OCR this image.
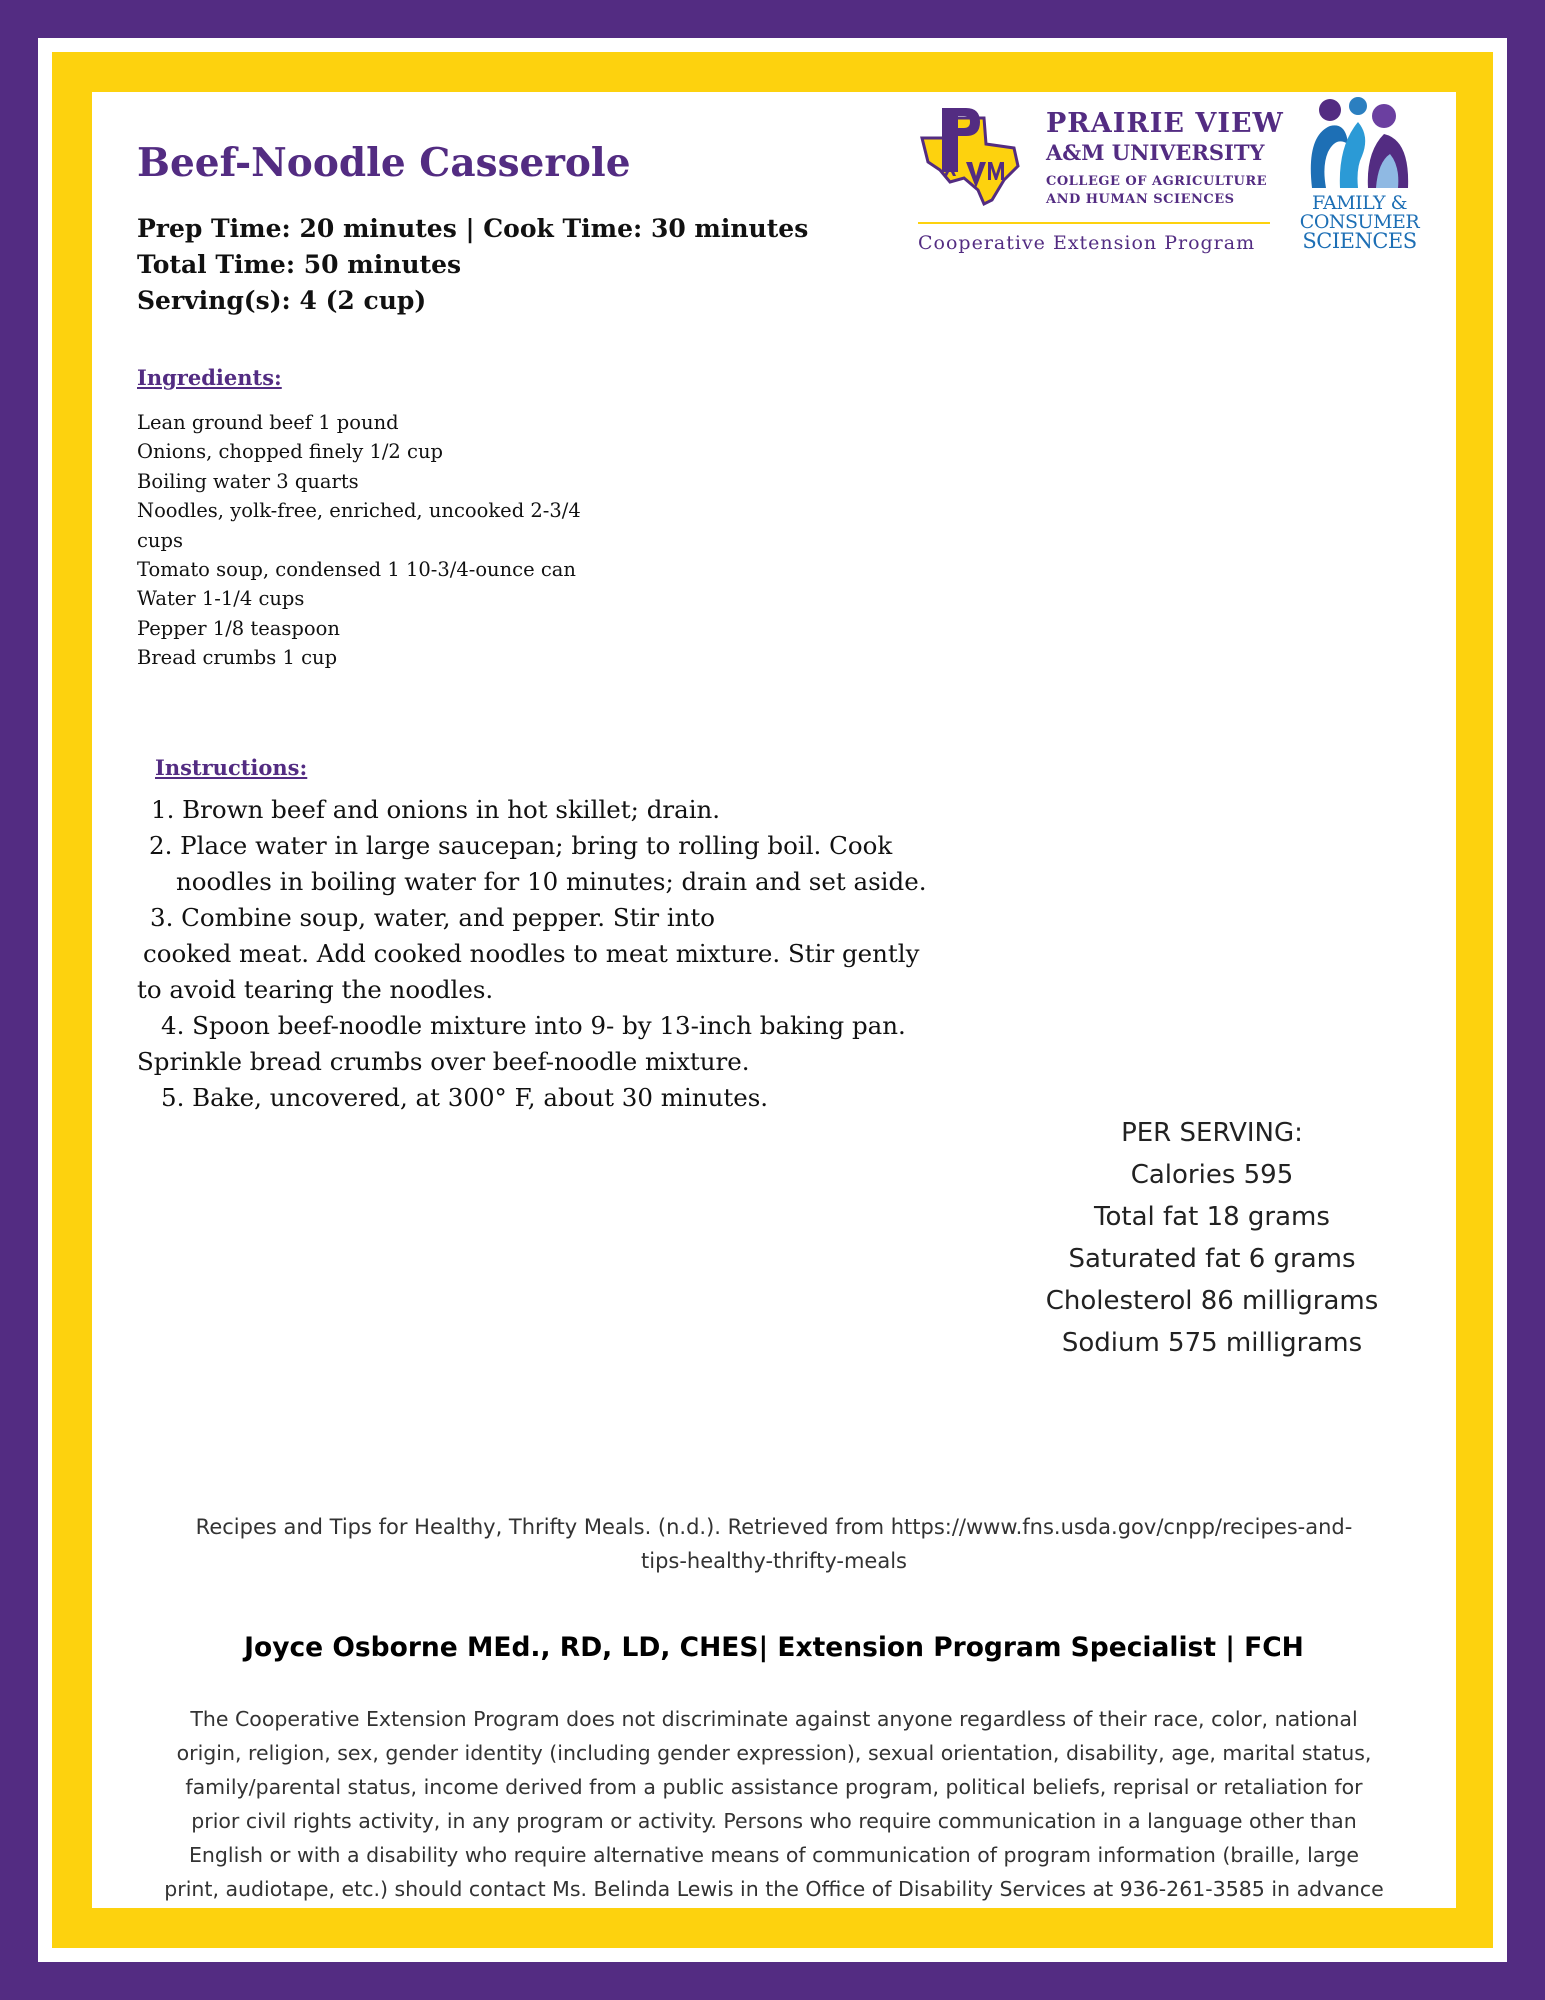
Beef-Noodle Casserole
Prep Time: 20 minutes | Cook Time: 30 minutes
Total Time: 50 minutes
Serving(s): 4 (2 cup)
Ingredients:
Lean ground beef 1 pound
Onions, chopped finely 1/2 cup
Boiling water 3 quarts
Noodles, yolk-free, enriched, uncooked 2-3/4
cups
Tomato soup, condensed 1 10-3/4-ounce can
Water 1-1/4 cups
Pepper 1/8 teaspoon
Bread crumbs 1 cup
Instructions:
1. Brown beef and onions in hot skillet; drain.
2. Place water in large saucepan; bring to rolling boil. Cook
noodles in boiling water for 10 minutes; drain and set aside.
3. Combine soup, water, and pepper. Stir into
cooked meat. Add cooked noodles to meat mixture. Stir gently
to avoid tearing the noodles.
4. Spoon beef-noodle mixture into 9- by 13-inch baking pan.
Sprinkle bread crumbs over beef-noodle mixture.
5. Bake, uncovered, at 300° F, about 30 minutes.
PER SERVING:
Calories 595
Total fat 18 grams
Saturated fat 6 grams
Cholesterol 86 milligrams
Sodium 575 milligrams
Recipes and Tips for Healthy, Thrifty Meals. (n.d.). Retrieved from https://www.fns.usda.gov/cnpp/recipes-and-
tips-healthy-thrifty-meals
Joyce Osborne MEd., RD, LD, CHES| Extension Program Specialist | FCH
The Cooperative Extension Program does not discriminate against anyone regardless of their race, color, national
origin, religion, sex, gender identity (including gender expression), sexual orientation, disability, age, marital status,
family/parental status, income derived from a public assistance program, political beliefs, reprisal or retaliation for
prior civil rights activity, in any program or activity. Persons who require communication in a language other than
English or with a disability who require alternative means of communication of program information (braille, large
print, audiotape, etc.) should contact Ms. Belinda Lewis in the Office of Disability Services at 936-261-3585 in advance
PRAIRIE VIEW
A&M UNIVERSITY
COLLEGE OF AGRICULTURE
AND HUMAN SCIENCES
Cooperative Extension Program
FAMILY &
CONSUMER
SCIENCES
